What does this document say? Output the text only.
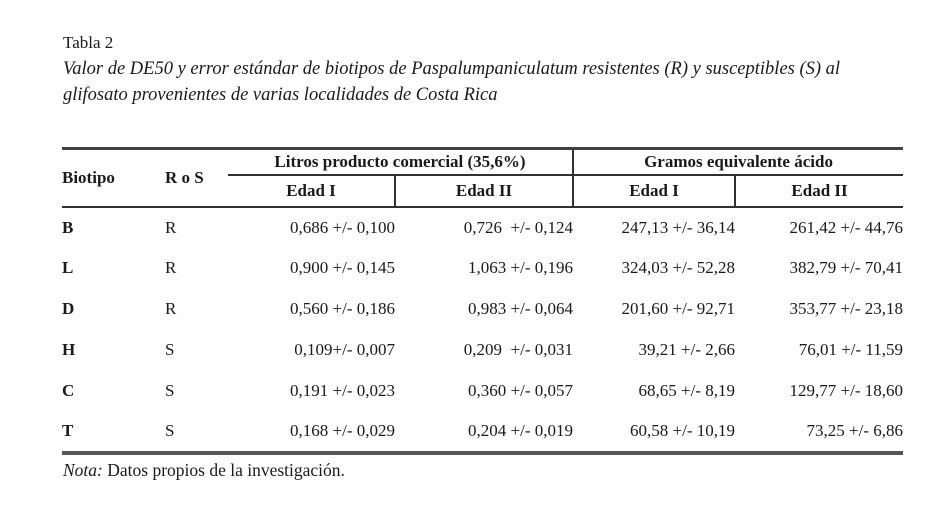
Tabla 2
Valor de DE50 y error estándar de biotipos de Paspalumpaniculatum resistentes (R) y susceptibles (S) al
glifosato provenientes de varias localidades de Costa Rica
Biotipo	R o S	Litros producto comercial (35,6%)		Gramos equivalente ácido	
		Edad I	Edad II	Edad I	Edad II
B	R	0,686 +/- 0,100	0,726  +/- 0,124	247,13 +/- 36,14	261,42 +/- 44,76
L	R	0,900 +/- 0,145	1,063 +/- 0,196	324,03 +/- 52,28	382,79 +/- 70,41
D	R	0,560 +/- 0,186	0,983 +/- 0,064	201,60 +/- 92,71	353,77 +/- 23,18
H	S	0,109+/- 0,007	0,209  +/- 0,031	39,21 +/- 2,66	76,01 +/- 11,59
C	S	0,191 +/- 0,023	0,360 +/- 0,057	68,65 +/- 8,19	129,77 +/- 18,60
T	S	0,168 +/- 0,029	0,204 +/- 0,019	60,58 +/- 10,19	73,25 +/- 6,86
Nota: Datos propios de la investigación.
